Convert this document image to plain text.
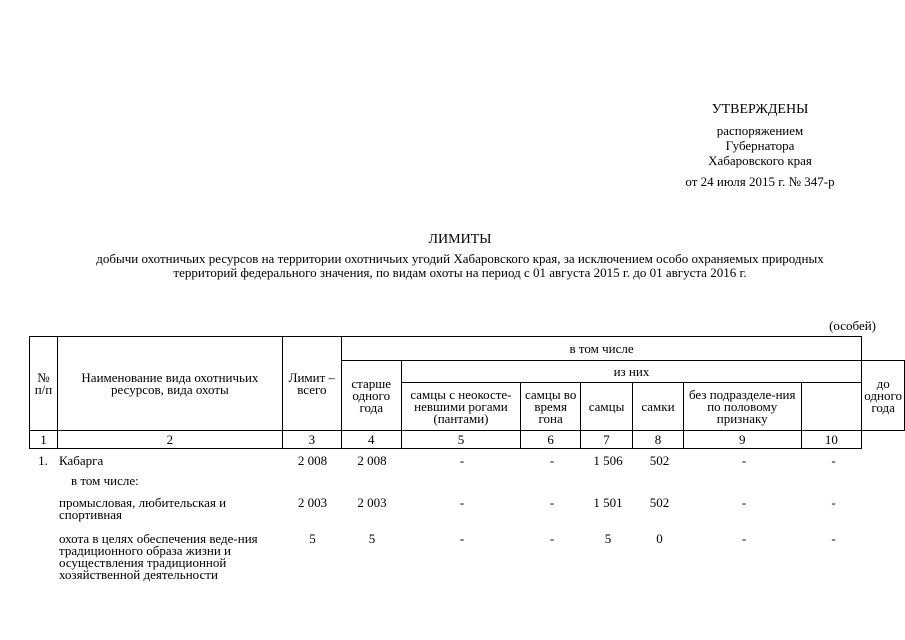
УТВЕРЖДЕНЫ
распоряжением
Губернатора
Хабаровского края
от 24 июля 2015 г. № 347-р
ЛИМИТЫ
добычи охотничьих ресурсов на территории охотничьих угодий Хабаровского края, за исключением особо охраняемых природных территорий федерального значения, по видам охоты на период с 01 августа 2015 г. до 01 августа 2016 г.
(особей)
№ п/п	Наименование вида охотничьих ресурсов, вида охоты	Лимит – всего	в том числе							
			старше одного года	из них						до одного года
				самцы с неокосте-невшими рогами (пантами)	самцы во время гона	самцы	самки	без подразделе-ния по половому признаку		
1	2	3	4	5	6	7	8	9	10	
1.	Кабарга	2 008	2 008	-	-	1 506	502	-	-
	в том числе:								
	промысловая, любительская и спортивная	2 003	2 003	-	-	1 501	502	-	-
	охота в целях обеспечения веде-ния традиционного образа жизни и осуществления традиционной хозяйственной деятельности	5	5	-	-	5	0	-	-
